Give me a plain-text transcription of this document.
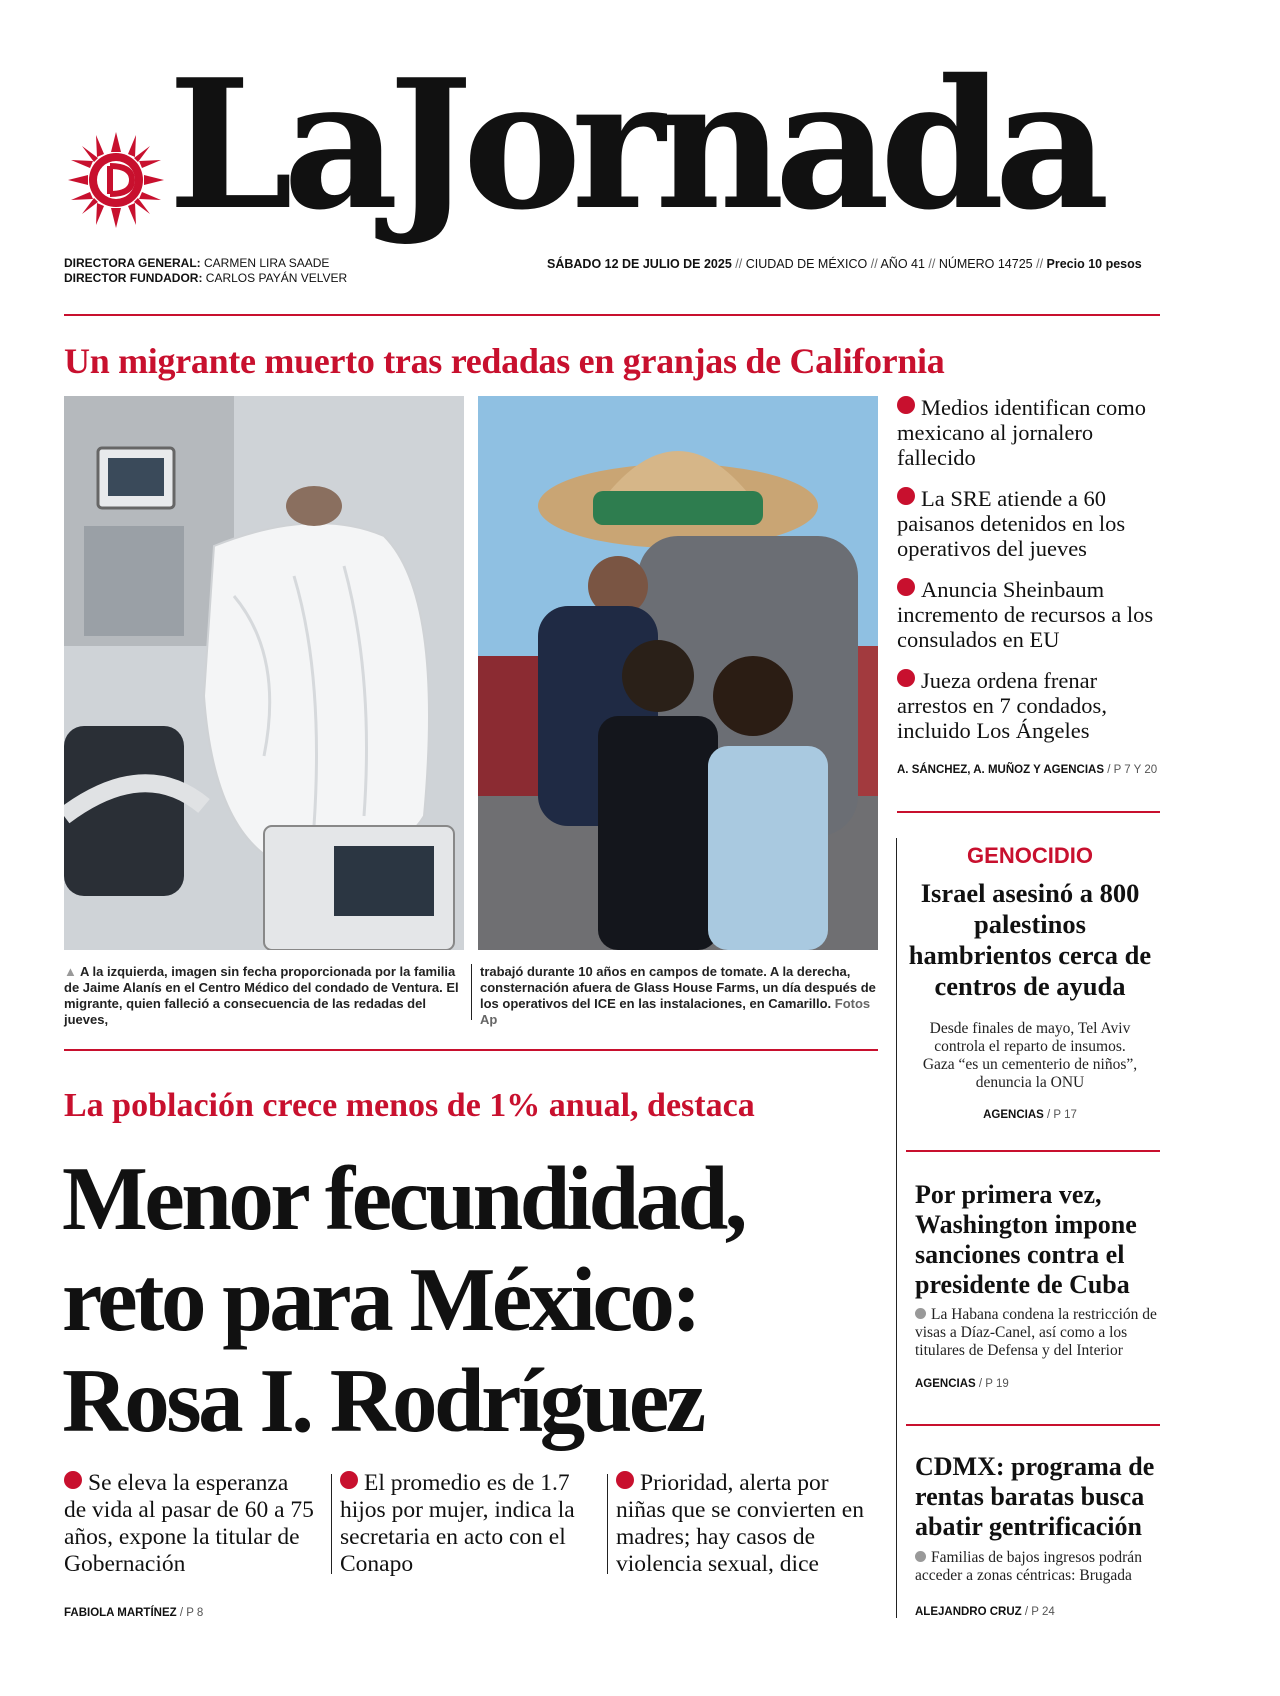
LaJornada
DIRECTORA GENERAL: CARMEN LIRA SAADE
DIRECTOR FUNDADOR: CARLOS PAYÁN VELVER
SÁBADO 12 DE JULIO DE 2025 // CIUDAD DE MÉXICO // AÑO 41 // NÚMERO 14725 // Precio 10 pesos
Un migrante muerto tras redadas en granjas de California
▲ A la izquierda, imagen sin fecha proporcionada por la familia de Jaime Alanís en el Centro Médico del condado de Ventura. El migrante, quien falleció a consecuencia de las redadas del jueves,
trabajó durante 10 años en campos de tomate. A la derecha, consternación afuera de Glass House Farms, un día después de los operativos del ICE en las instalaciones, en Camarillo. Fotos Ap
Medios identifican como mexicano al jornalero fallecido
La SRE atiende a 60 paisanos detenidos en los operativos del jueves
Anuncia Sheinbaum incremento de recursos a los consulados en EU
Jueza ordena frenar arrestos en 7 condados, incluido Los Ángeles
A. SÁNCHEZ, A. MUÑOZ Y AGENCIAS / P 7 Y 20
GENOCIDIO
Israel asesinó a 800 palestinos hambrientos cerca de centros de ayuda
Desde finales de mayo, Tel Aviv controla el reparto de insumos. Gaza “es un cementerio de niños”, denuncia la ONU
AGENCIAS / P 17
Por primera vez, Washington impone sanciones contra el presidente de Cuba
La Habana condena la restricción de visas a Díaz-Canel, así como a los titulares de Defensa y del Interior
AGENCIAS / P 19
CDMX: programa de rentas baratas busca abatir gentrificación
Familias de bajos ingresos podrán acceder a zonas céntricas: Brugada
ALEJANDRO CRUZ / P 24
La población crece menos de 1% anual, destaca
Menor fecundidad, reto para México: Rosa I. Rodríguez
Se eleva la esperanza de vida al pasar de 60 a 75 años, expone la titular de Gobernación
El promedio es de 1.7 hijos por mujer, indica la secretaria en acto con el Conapo
Prioridad, alerta por niñas que se convierten en madres; hay casos de violencia sexual, dice
FABIOLA MARTÍNEZ / P 8
